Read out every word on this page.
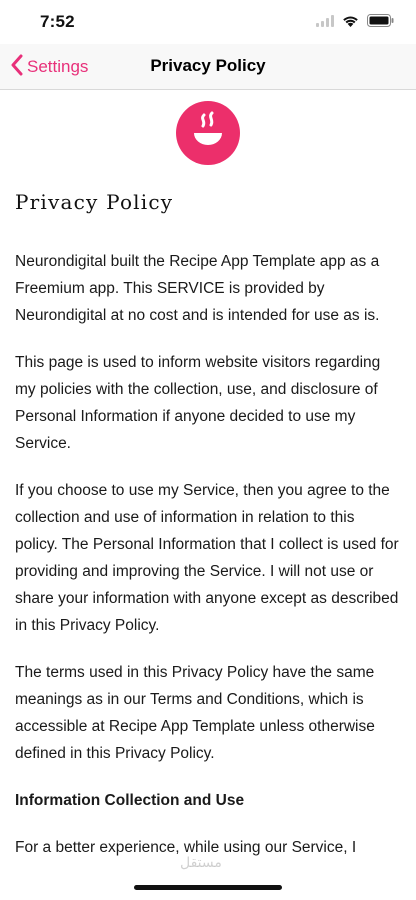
7:52
Settings	Privacy Policy
Privacy Policy

Neurondigital built the Recipe App Template app as a Freemium app. This SERVICE is provided by Neurondigital at no cost and is intended for use as is.

This page is used to inform website visitors regarding my policies with the collection, use, and disclosure of Personal Information if anyone decided to use my Service.

If you choose to use my Service, then you agree to the collection and use of information in relation to this policy. The Personal Information that I collect is used for providing and improving the Service. I will not use or share your information with anyone except as described in this Privacy Policy.

The terms used in this Privacy Policy have the same meanings as in our Terms and Conditions, which is accessible at Recipe App Template unless otherwise defined in this Privacy Policy.

Information Collection and Use

For a better experience, while using our Service, I

مستقل
